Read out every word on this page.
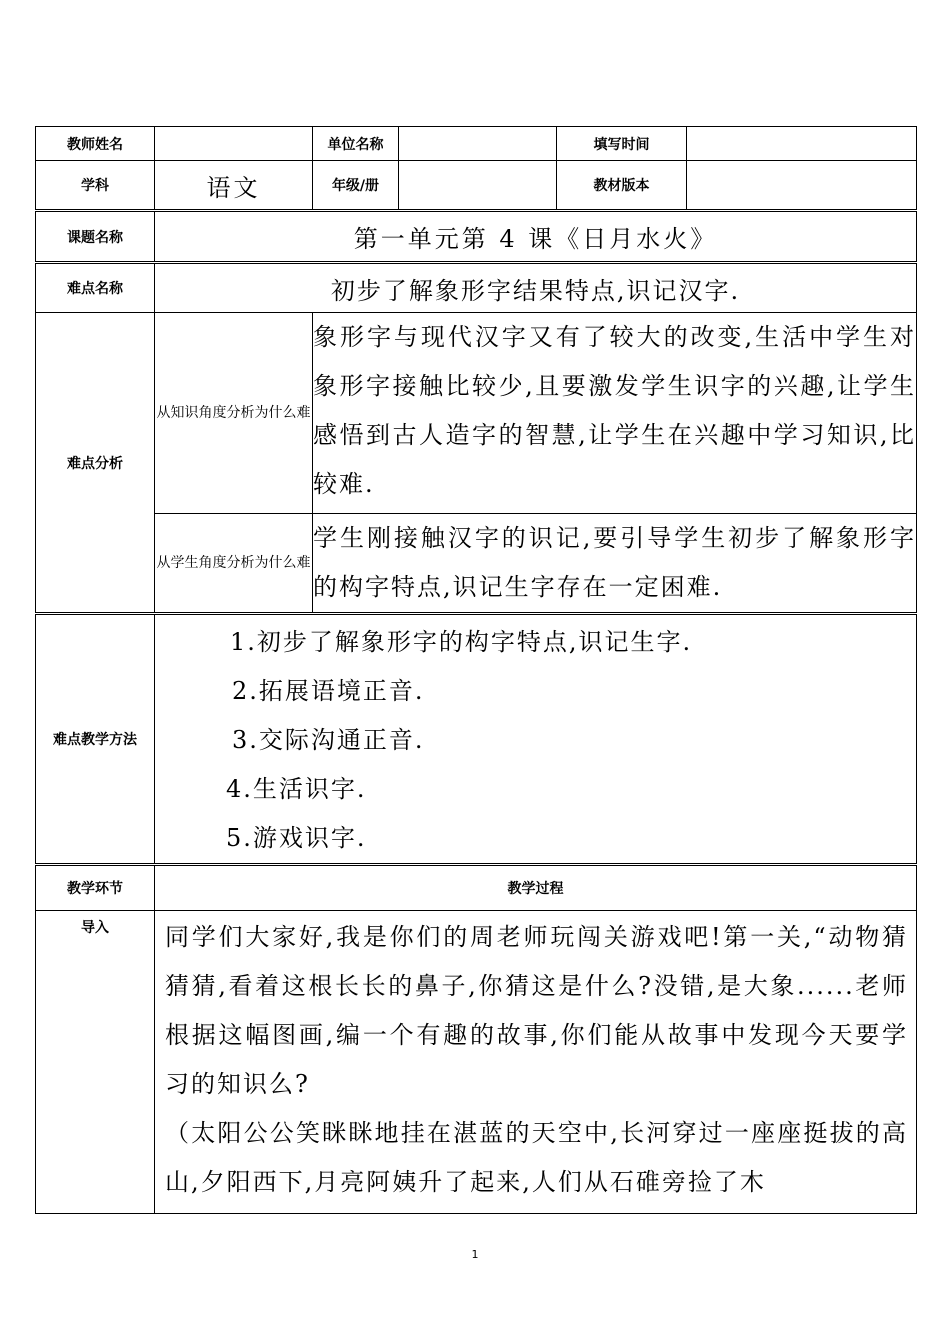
教师姓名		单位名称		填写时间	
学科	语文	年级/册		教材版本	
课题名称	第一单元第 4 课《日月水火》				
难点名称	初步了解象形字结果特点,识记汉字.				
难点分析	从知识角度分析为什么难	象形字与现代汉字又有了较大的改变,生活中学生对象形字接触比较少,且要激发学生识字的兴趣,让学生感悟到古人造字的智慧,让学生在兴趣中学习知识,比较难.			
	从学生角度分析为什么难	学生刚接触汉字的识记,要引导学生初步了解象形字的构字特点,识记生字存在一定困难.			
难点教学方法	1.初步了解象形字的构字特点,识记生字.
2.拓展语境正音.
3.交际沟通正音.
4.生活识字.
5.游戏识字.				

教学环节	教学过程				
导入	同学们大家好,我是你们的周老师玩闯关游戏吧!第一关,“动物猜猜猜,看着这根长长的鼻子,你猜这是什么?没错,是大象......老师根据这幅图画,编一个有趣的故事,你们能从故事中发现今天要学习的知识么?
（太阳公公笑眯眯地挂在湛蓝的天空中,长河穿过一座座挺拔的高山,夕阳西下,月亮阿姨升了起来,人们从石碓旁捡了木				
1
